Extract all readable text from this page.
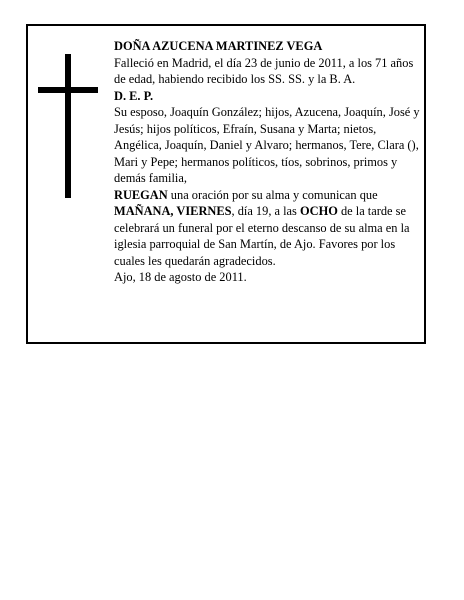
DOÑA AZUCENA MARTINEZ VEGA

Falleció en Madrid, el día 23 de junio de 2011, a los 71 años de edad, habiendo recibido los SS. SS. y la B. A.

D. E. P.

Su esposo, Joaquín González; hijos, Azucena, Joaquín, José y Jesús; hijos políticos, Efraín, Susana y Marta; nietos, Angélica, Joaquín, Daniel y Alvaro; hermanos, Tere, Clara (), Mari y Pepe; hermanos políticos, tíos, sobrinos, primos y demás familia,

RUEGAN una oración por su alma y comunican que MAÑANA, VIERNES, día 19, a las OCHO de la tarde se celebrará un funeral por el eterno descanso de su alma en la iglesia parroquial de San Martín, de Ajo. Favores por los cuales les quedarán agradecidos.

Ajo, 18 de agosto de 2011.
